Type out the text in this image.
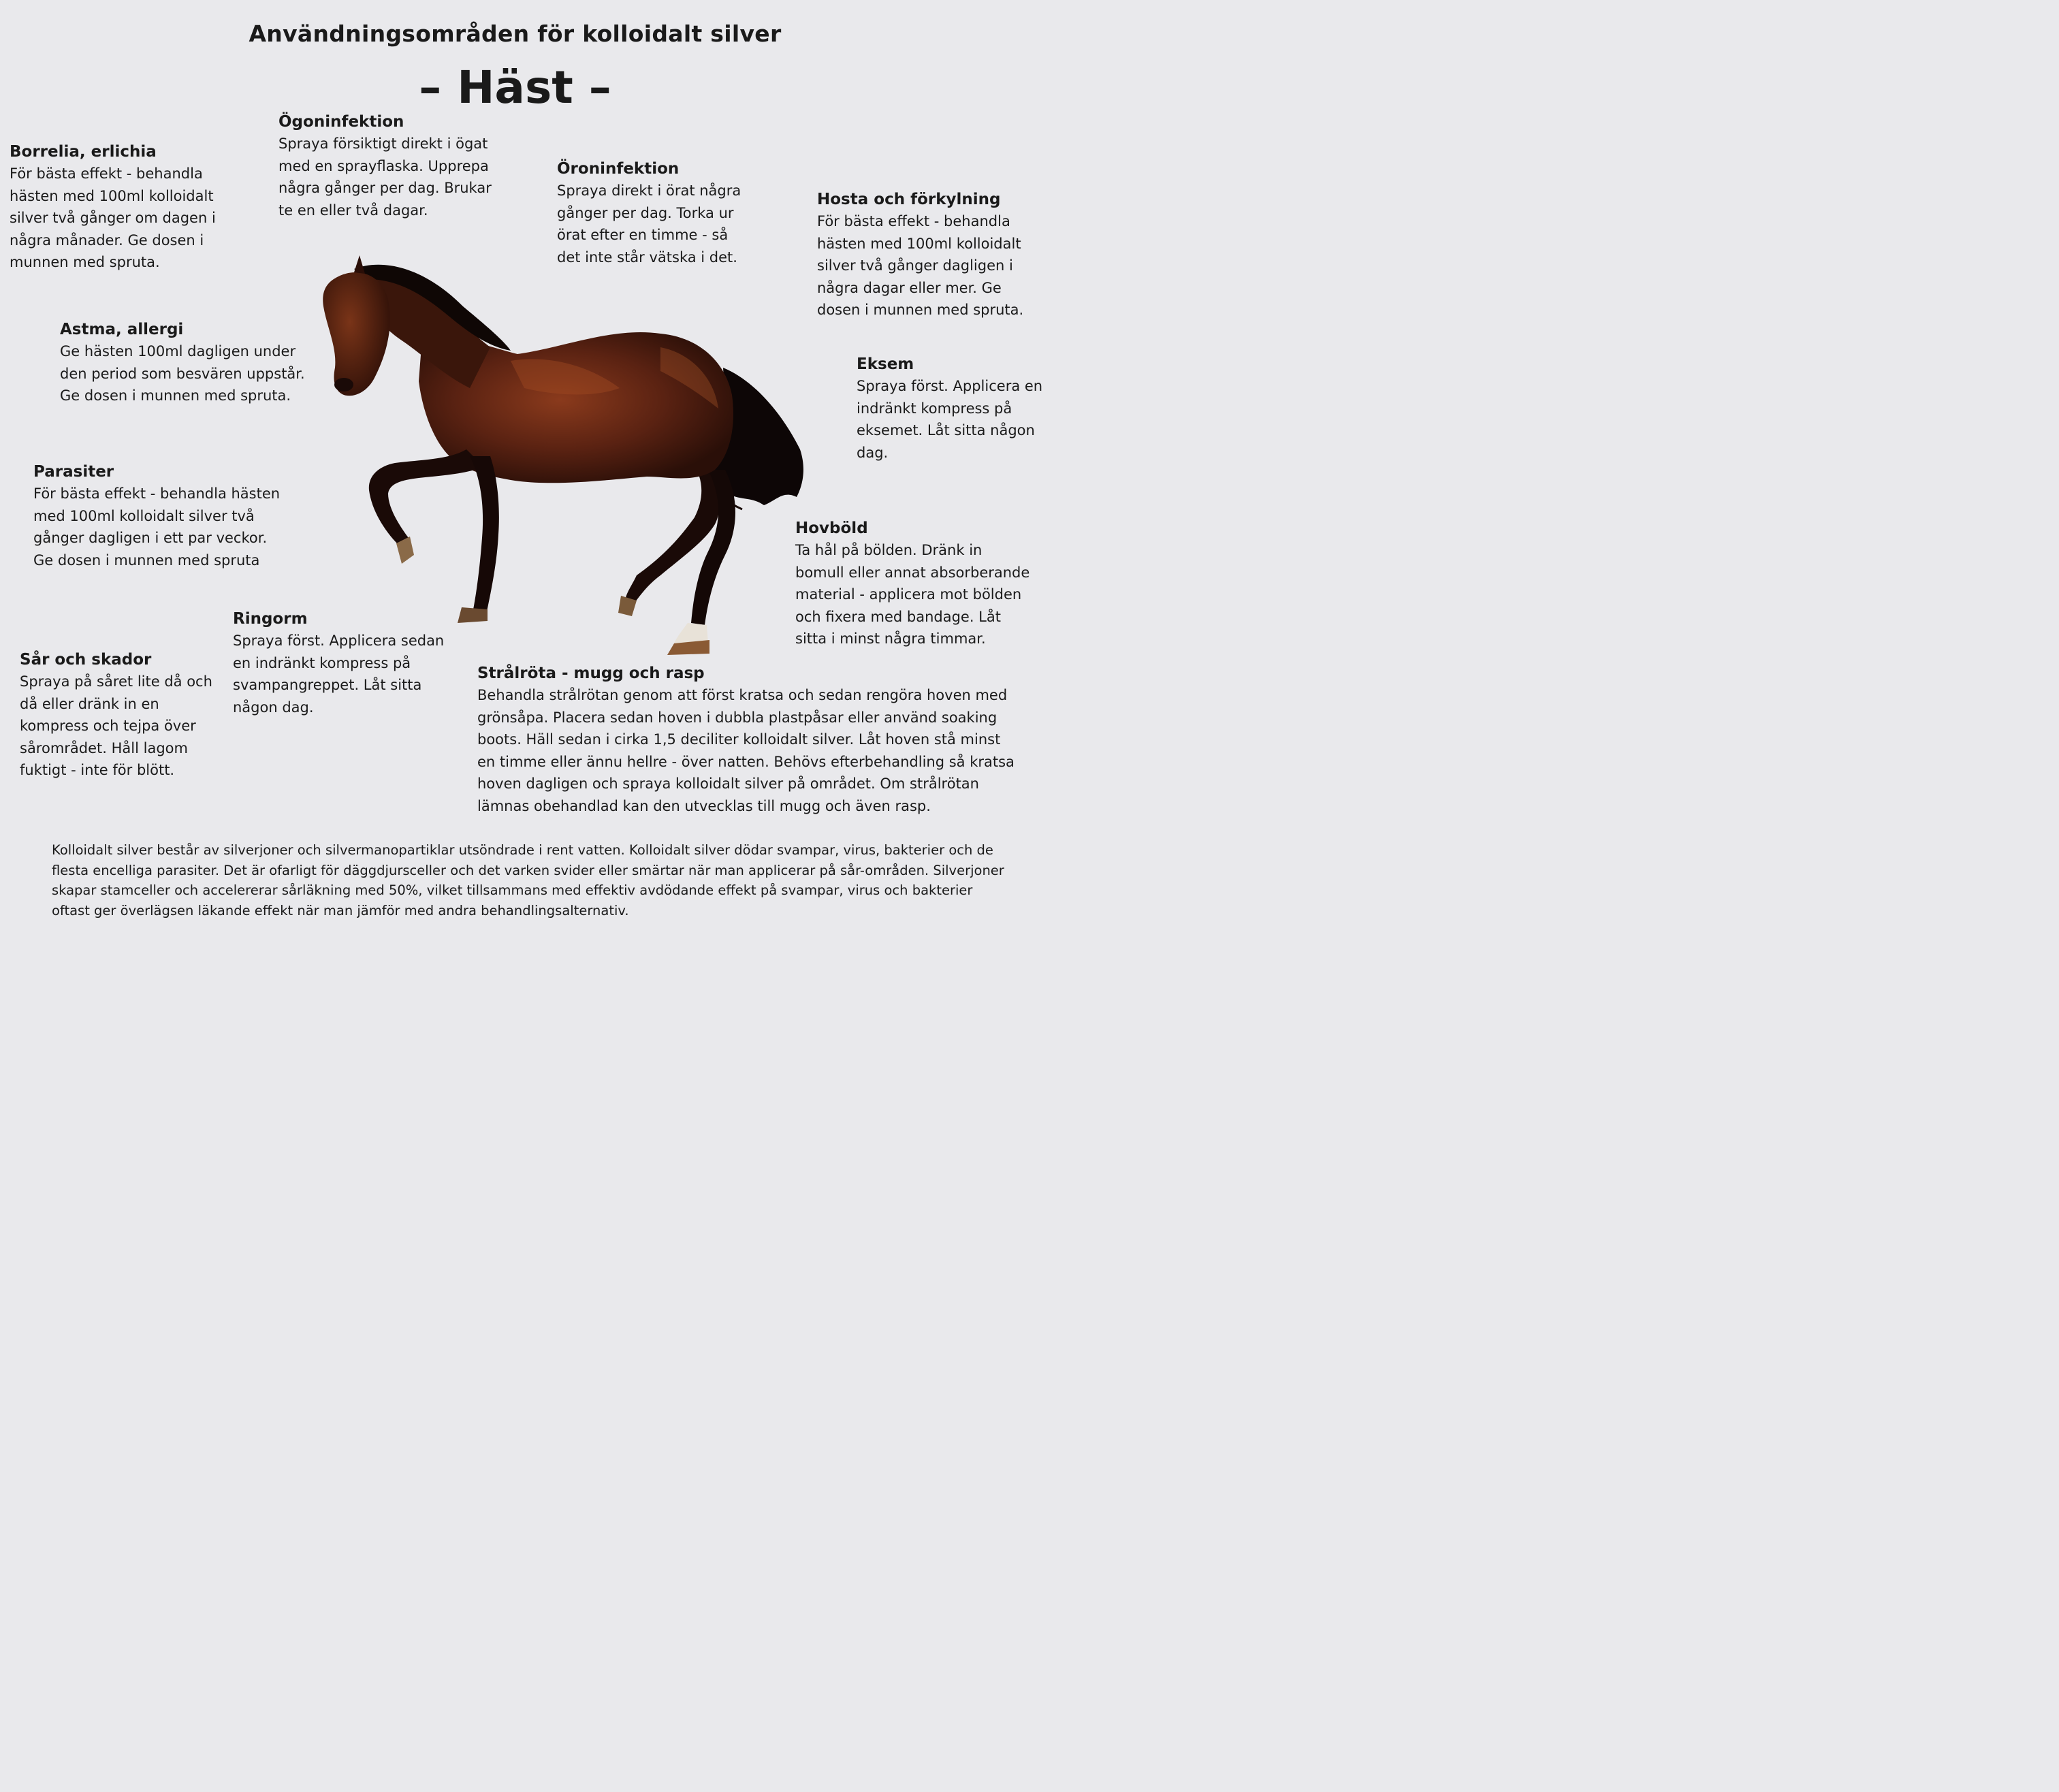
Användningsområden för kolloidalt silver
– Häst –
Ögoninfektion

Spraya försiktigt direkt i ögat med en sprayflaska. Upprepa några gånger per dag. Brukar te en eller två dagar.

Borrelia, erlichia

För bästa effekt - behandla hästen med 100ml kolloidalt silver två gånger om dagen i några månader. Ge dosen i munnen med spruta.

Öroninfektion

Spraya direkt i örat några gånger per dag. Torka ur örat efter en timme - så det inte står vätska i det.

Hosta och förkylning

För bästa effekt - behandla hästen med 100ml kolloidalt silver två gånger dagligen i några dagar eller mer. Ge dosen i munnen med spruta.

Astma, allergi

Ge hästen 100ml dagligen under den period som besvären uppstår. Ge dosen i munnen med spruta.

Eksem

Spraya först. Applicera en indränkt kompress på eksemet. Låt sitta någon dag.

Parasiter

För bästa effekt - behandla hästen med 100ml kolloidalt silver två gånger dagligen i ett par veckor. Ge dosen i munnen med spruta

Hovböld

Ta hål på bölden. Dränk in bomull eller annat absorberande material - applicera mot bölden och fixera med bandage. Låt sitta i minst några timmar.

Ringorm

Spraya först. Applicera sedan en indränkt kompress på svampangreppet. Låt sitta någon dag.

Sår och skador

Spraya på såret lite då och då eller dränk in en kompress och tejpa över sårområdet. Håll lagom fuktigt - inte för blött.

Strålröta - mugg och rasp

Behandla strålrötan genom att först kratsa och sedan rengöra hoven med grönsåpa. Placera sedan hoven i dubbla plastpåsar eller använd soaking boots. Häll sedan i cirka 1,5 deciliter kolloidalt silver. Låt hoven stå minst en timme eller ännu hellre - över natten. Behövs efterbehandling så kratsa hoven dagligen och spraya kolloidalt silver på området. Om strålrötan lämnas obehandlad kan den utvecklas till mugg och även rasp.

Kolloidalt silver består av silverjoner och silvermanopartiklar utsöndrade i rent vatten. Kolloidalt silver dödar svampar, virus, bakterier och de flesta encelliga parasiter. Det är ofarligt för däggdjursceller och det varken svider eller smärtar när man applicerar på sår-områden. Silverjoner skapar stamceller och accelererar sårläkning med 50%, vilket tillsammans med effektiv avdödande effekt på svampar, virus och bakterier oftast ger överlägsen läkande effekt när man jämför med andra behandlingsalternativ.
